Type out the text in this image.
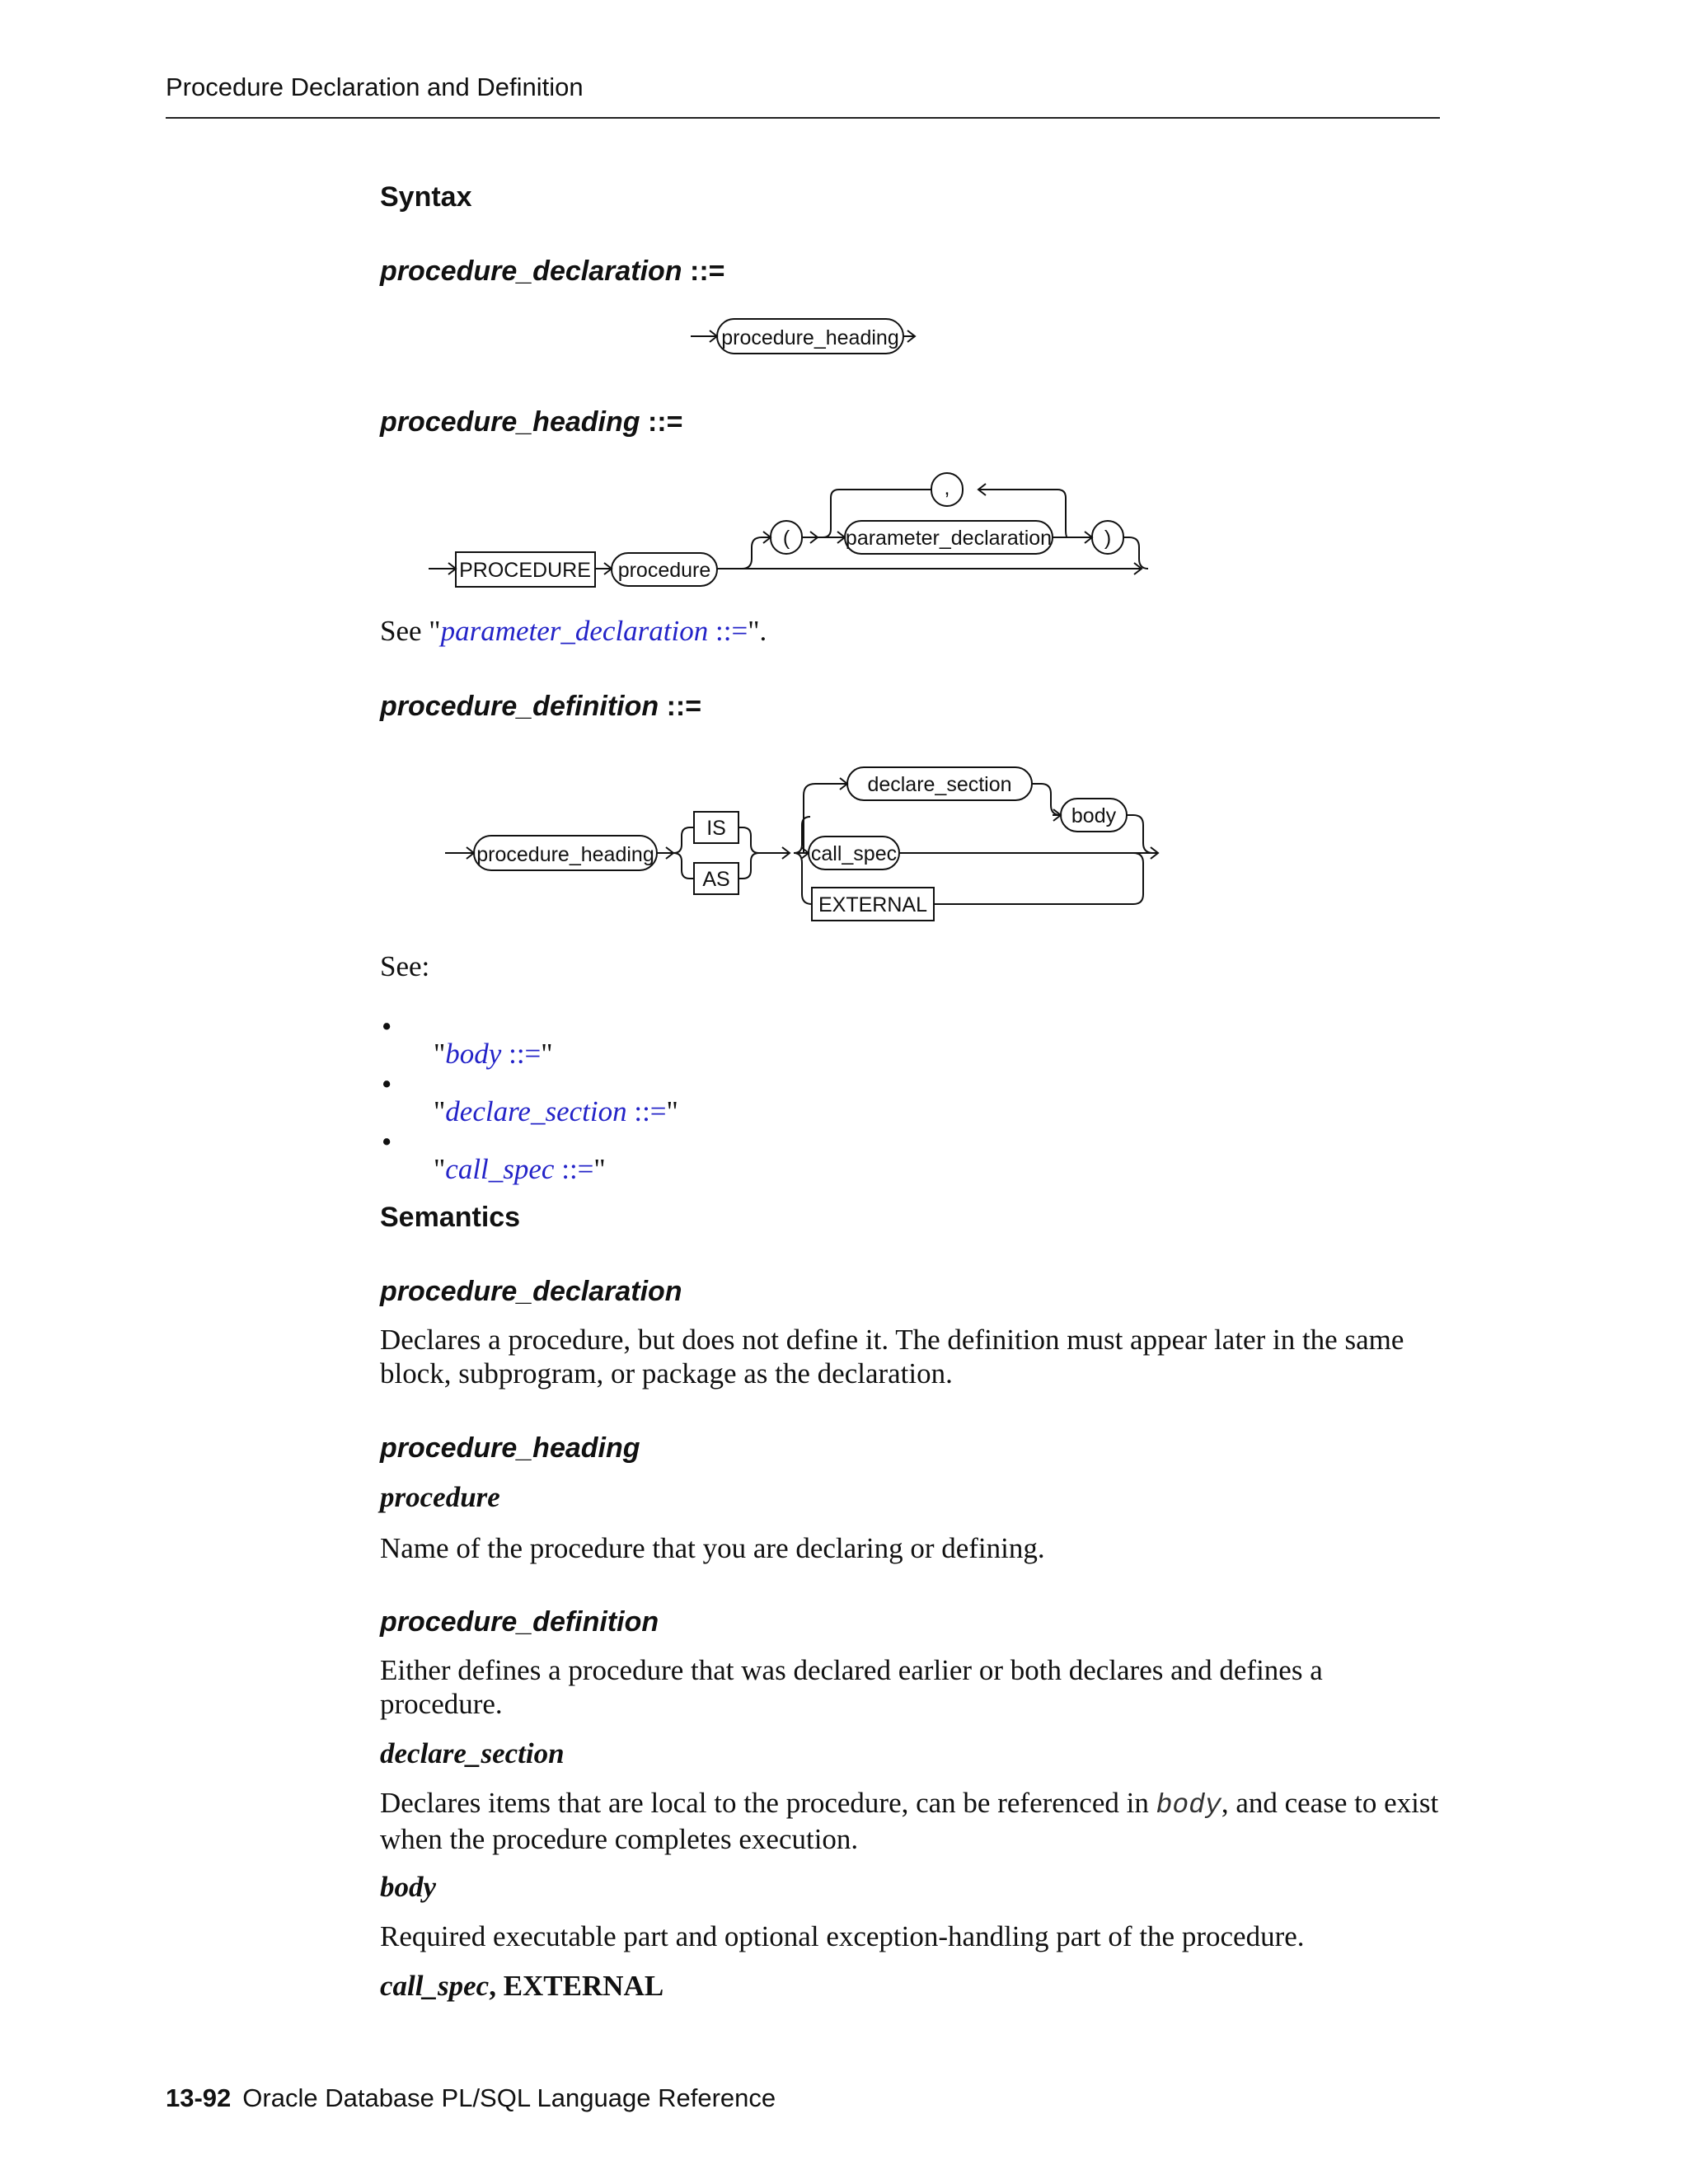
Procedure Declaration and Definition

Syntax

procedure_declaration ::=

procedure_heading

procedure_heading ::=

PROCEDURE procedure
(	parameter_declaration
,
)

See "parameter_declaration ::=".

procedure_definition ::=

procedure_heading
IS
AS
declare_section
body
call_spec
EXTERNAL

See:

•

"body ::="

•

"declare_section ::="

•

"call_spec ::="

Semantics

procedure_declaration

Declares a procedure, but does not define it. The definition must appear later in the same block, subprogram, or package as the declaration.

procedure_heading

procedure

Name of the procedure that you are declaring or defining.

procedure_definition

Either defines a procedure that was declared earlier or both declares and defines a procedure.

declare_section

Declares items that are local to the procedure, can be referenced in body, and cease to exist when the procedure completes execution.

body

Required executable part and optional exception-handling part of the procedure.

call_spec, EXTERNAL

13-92 Oracle Database PL/SQL Language Reference
